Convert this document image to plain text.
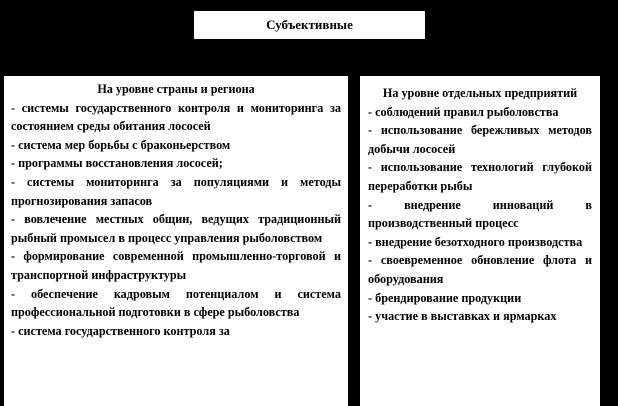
Субъективные
На уровне страны и региона

- системы государственного контроля и мониторинга за состоянием среды обитания лососей

- система мер борьбы с браконьерством

- программы восстановления лососей;

- системы мониторинга за популяциями и методы прогнозирования запасов

- вовлечение местных общин, ведущих традиционный рыбный промысел в процесс управления рыболовством

- формирование современной промышленно-торговой и транспортной инфраструктуры

- обеспечение кадровым потенциалом и система профессиональной подготовки в сфере рыболовства

- система государственного контроля за

На уровне отдельных предприятий

- соблюдений правил рыболовства

- использование бережливых методов добычи лососей

- использование технологий глубокой переработки рыбы

- внедрение инноваций в производственный процесс

- внедрение безотходного производства

- своевременное обновление флота и оборудования

- брендирование продукции

- участие в выставках и ярмарках
